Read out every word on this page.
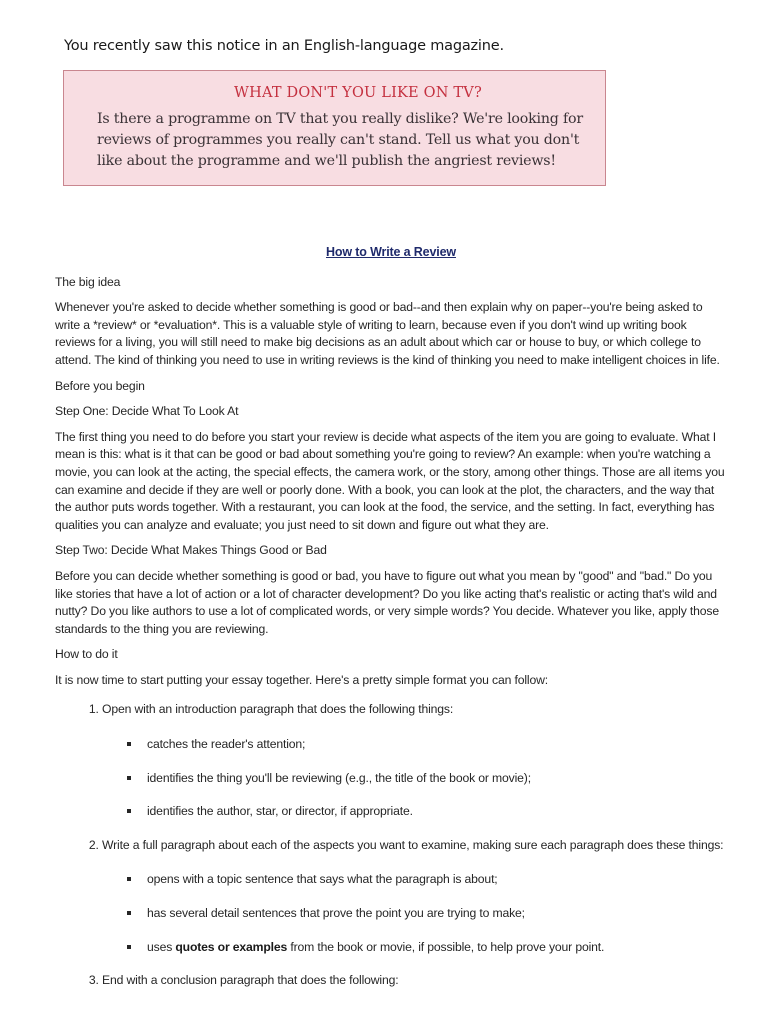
You recently saw this notice in an English-language magazine.
WHAT DON'T YOU LIKE ON TV?
Is there a programme on TV that you really dislike? We're looking for reviews of programmes you really can't stand. Tell us what you don't like about the programme and we'll publish the angriest reviews!
How to Write a Review

The big idea

Whenever you're asked to decide whether something is good or bad--and then explain why on paper--you're being asked to write a *review* or *evaluation*. This is a valuable style of writing to learn, because even if you don't wind up writing book reviews for a living, you will still need to make big decisions as an adult about which car or house to buy, or which college to attend. The kind of thinking you need to use in writing reviews is the kind of thinking you need to make intelligent choices in life.

Before you begin

Step One: Decide What To Look At

The first thing you need to do before you start your review is decide what aspects of the item you are going to evaluate. What I mean is this: what is it that can be good or bad about something you're going to review? An example: when you're watching a movie, you can look at the acting, the special effects, the camera work, or the story, among other things. Those are all items you can examine and decide if they are well or poorly done. With a book, you can look at the plot, the characters, and the way that the author puts words together. With a restaurant, you can look at the food, the service, and the setting. In fact, everything has qualities you can analyze and evaluate; you just need to sit down and figure out what they are.

Step Two: Decide What Makes Things Good or Bad

Before you can decide whether something is good or bad, you have to figure out what you mean by "good" and "bad." Do you like stories that have a lot of action or a lot of character development? Do you like acting that's realistic or acting that's wild and nutty? Do you like authors to use a lot of complicated words, or very simple words? You decide. Whatever you like, apply those standards to the thing you are reviewing.

How to do it

It is now time to start putting your essay together. Here's a pretty simple format you can follow:

1. Open with an introduction paragraph that does the following things:
catches the reader's attention;
identifies the thing you'll be reviewing (e.g., the title of the book or movie);
identifies the author, star, or director, if appropriate.
2. Write a full paragraph about each of the aspects you want to examine, making sure each paragraph does these things:
opens with a topic sentence that says what the paragraph is about;
has several detail sentences that prove the point you are trying to make;
uses quotes or examples from the book or movie, if possible, to help prove your point.
3. End with a conclusion paragraph that does the following:
